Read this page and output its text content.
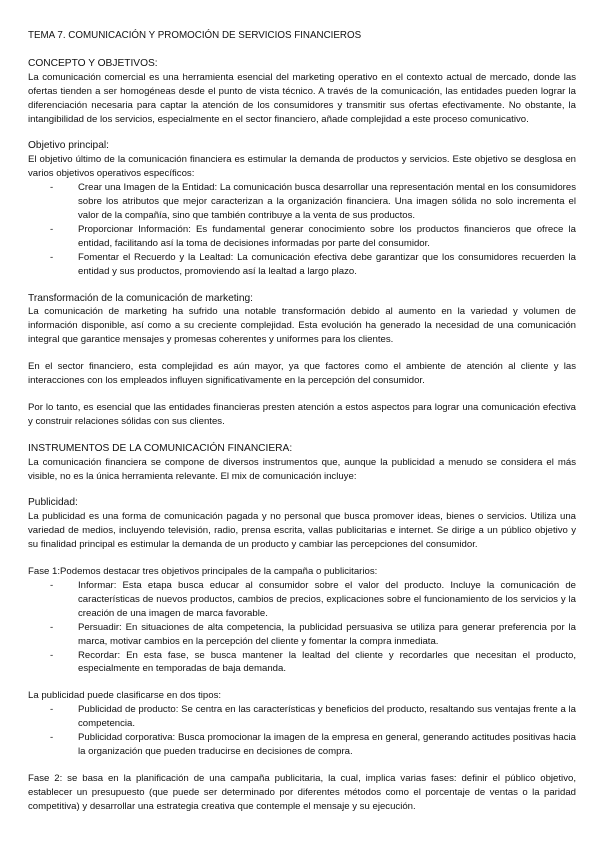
TEMA 7. COMUNICACIÓN Y PROMOCIÓN DE SERVICIOS FINANCIEROS

CONCEPTO Y OBJETIVOS:

La comunicación comercial es una herramienta esencial del marketing operativo en el contexto actual de mercado, donde las ofertas tienden a ser homogéneas desde el punto de vista técnico. A través de la comunicación, las entidades pueden lograr la diferenciación necesaria para captar la atención de los consumidores y transmitir sus ofertas efectivamente. No obstante, la intangibilidad de los servicios, especialmente en el sector financiero, añade complejidad a este proceso comunicativo.

Objetivo principal:

El objetivo último de la comunicación financiera es estimular la demanda de productos y servicios. Este objetivo se desglosa en varios objetivos operativos específicos:

- Crear una Imagen de la Entidad: La comunicación busca desarrollar una representación mental en los consumidores sobre los atributos que mejor caracterizan a la organización financiera. Una imagen sólida no solo incrementa el valor de la compañía, sino que también contribuye a la venta de sus productos.
- Proporcionar Información: Es fundamental generar conocimiento sobre los productos financieros que ofrece la entidad, facilitando así la toma de decisiones informadas por parte del consumidor.
- Fomentar el Recuerdo y la Lealtad: La comunicación efectiva debe garantizar que los consumidores recuerden la entidad y sus productos, promoviendo así la lealtad a largo plazo.

Transformación de la comunicación de marketing:

La comunicación de marketing ha sufrido una notable transformación debido al aumento en la variedad y volumen de información disponible, así como a su creciente complejidad. Esta evolución ha generado la necesidad de una comunicación integral que garantice mensajes y promesas coherentes y uniformes para los clientes.

En el sector financiero, esta complejidad es aún mayor, ya que factores como el ambiente de atención al cliente y las interacciones con los empleados influyen significativamente en la percepción del consumidor.

Por lo tanto, es esencial que las entidades financieras presten atención a estos aspectos para lograr una comunicación efectiva y construir relaciones sólidas con sus clientes.

INSTRUMENTOS DE LA COMUNICACIÓN FINANCIERA:

La comunicación financiera se compone de diversos instrumentos que, aunque la publicidad a menudo se considera el más visible, no es la única herramienta relevante. El mix de comunicación incluye:

Publicidad:

La publicidad es una forma de comunicación pagada y no personal que busca promover ideas, bienes o servicios. Utiliza una variedad de medios, incluyendo televisión, radio, prensa escrita, vallas publicitarias e internet. Se dirige a un público objetivo y su finalidad principal es estimular la demanda de un producto y cambiar las percepciones del consumidor.

Fase 1:Podemos destacar tres objetivos principales de la campaña o publicitarios:

- Informar: Esta etapa busca educar al consumidor sobre el valor del producto. Incluye la comunicación de características de nuevos productos, cambios de precios, explicaciones sobre el funcionamiento de los servicios y la creación de una imagen de marca favorable.
- Persuadir: En situaciones de alta competencia, la publicidad persuasiva se utiliza para generar preferencia por la marca, motivar cambios en la percepción del cliente y fomentar la compra inmediata.
- Recordar: En esta fase, se busca mantener la lealtad del cliente y recordarles que necesitan el producto, especialmente en temporadas de baja demanda.

La publicidad puede clasificarse en dos tipos:

- Publicidad de producto: Se centra en las características y beneficios del producto, resaltando sus ventajas frente a la competencia.
- Publicidad corporativa: Busca promocionar la imagen de la empresa en general, generando actitudes positivas hacia la organización que pueden traducirse en decisiones de compra.

Fase 2: se basa en la planificación de una campaña publicitaria, la cual, implica varias fases: definir el público objetivo, establecer un presupuesto (que puede ser determinado por diferentes métodos como el porcentaje de ventas o la paridad competitiva) y desarrollar una estrategia creativa que contemple el mensaje y su ejecución.
